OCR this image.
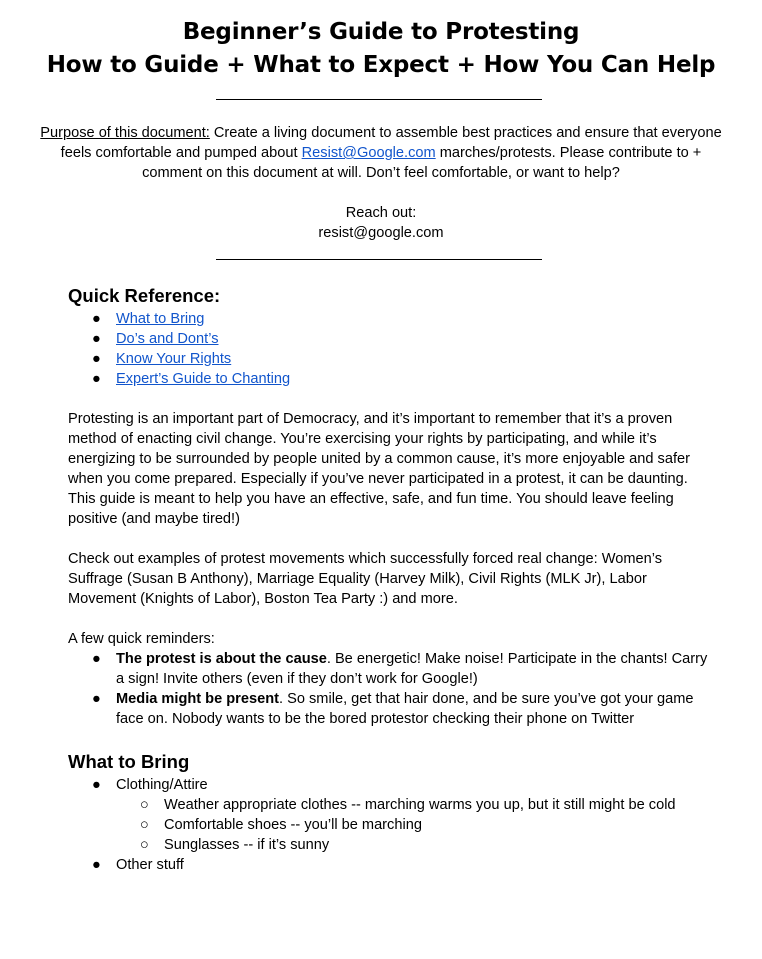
Beginner’s Guide to Protesting
How to Guide + What to Expect + How You Can Help
Purpose of this document: Create a living document to assemble best practices and ensure that everyone feels comfortable and pumped about Resist@Google.com marches/protests. Please contribute to + comment on this document at will. Don’t feel comfortable, or want to help?
Reach out:
resist@google.com
Quick Reference:
● What to Bring
● Do’s and Dont’s
● Know Your Rights
● Expert’s Guide to Chanting
Protesting is an important part of Democracy, and it’s important to remember that it’s a proven method of enacting civil change. You’re exercising your rights by participating, and while it’s energizing to be surrounded by people united by a common cause, it’s more enjoyable and safer when you come prepared. Especially if you’ve never participated in a protest, it can be daunting. This guide is meant to help you have an effective, safe, and fun time. You should leave feeling positive (and maybe tired!)
Check out examples of protest movements which successfully forced real change: Women’s Suffrage (Susan B Anthony), Marriage Equality (Harvey Milk), Civil Rights (MLK Jr), Labor Movement (Knights of Labor), Boston Tea Party :) and more.
A few quick reminders:
● The protest is about the cause. Be energetic! Make noise! Participate in the chants! Carry a sign! Invite others (even if they don’t work for Google!)
● Media might be present. So smile, get that hair done, and be sure you’ve got your game face on. Nobody wants to be the bored protestor checking their phone on Twitter
What to Bring
● Clothing/Attire
○ Weather appropriate clothes -- marching warms you up, but it still might be cold
○ Comfortable shoes -- you’ll be marching
○ Sunglasses -- if it’s sunny
● Other stuff
